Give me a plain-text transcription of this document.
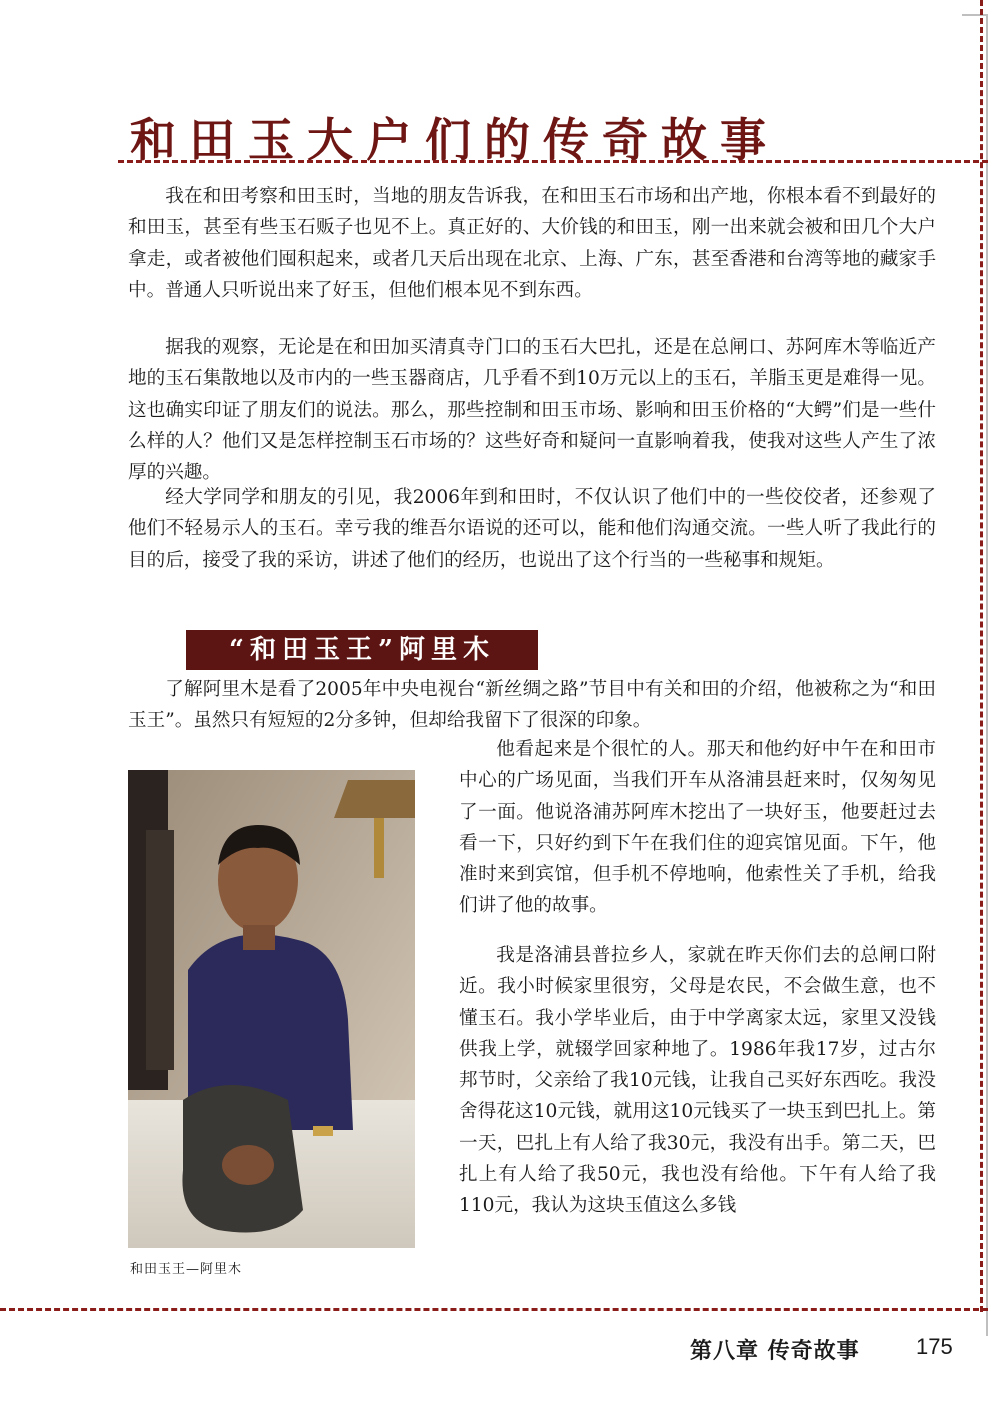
和田玉大户们的传奇故事

我在和田考察和田玉时，当地的朋友告诉我，在和田玉石市场和出产地，你根本看不到最好的和田玉，甚至有些玉石贩子也见不上。真正好的、大价钱的和田玉，刚一出来就会被和田几个大户拿走，或者被他们囤积起来，或者几天后出现在北京、上海、广东，甚至香港和台湾等地的藏家手中。普通人只听说出来了好玉，但他们根本见不到东西。

据我的观察，无论是在和田加买清真寺门口的玉石大巴扎，还是在总闸口、苏阿库木等临近产地的玉石集散地以及市内的一些玉器商店，几乎看不到10万元以上的玉石，羊脂玉更是难得一见。这也确实印证了朋友们的说法。那么，那些控制和田玉市场、影响和田玉价格的“大鳄”们是一些什么样的人？他们又是怎样控制玉石市场的？这些好奇和疑问一直影响着我，使我对这些人产生了浓厚的兴趣。

经大学同学和朋友的引见，我2006年到和田时，不仅认识了他们中的一些佼佼者，还参观了他们不轻易示人的玉石。幸亏我的维吾尔语说的还可以，能和他们沟通交流。一些人听了我此行的目的后，接受了我的采访，讲述了他们的经历，也说出了这个行当的一些秘事和规矩。

“和田玉王”阿里木

了解阿里木是看了2005年中央电视台“新丝绸之路”节目中有关和田的介绍，他被称之为“和田玉王”。虽然只有短短的2分多钟，但却给我留下了很深的印象。

他看起来是个很忙的人。那天和他约好中午在和田市中心的广场见面，当我们开车从洛浦县赶来时，仅匆匆见了一面。他说洛浦苏阿库木挖出了一块好玉，他要赶过去看一下，只好约到下午在我们住的迎宾馆见面。下午，他准时来到宾馆，但手机不停地响，他索性关了手机，给我们讲了他的故事。

我是洛浦县普拉乡人，家就在昨天你们去的总闸口附近。我小时候家里很穷，父母是农民，不会做生意，也不懂玉石。我小学毕业后，由于中学离家太远，家里又没钱供我上学，就辍学回家种地了。1986年我17岁，过古尔邦节时，父亲给了我10元钱，让我自己买好东西吃。我没舍得花这10元钱，就用这10元钱买了一块玉到巴扎上。第一天，巴扎上有人给了我30元，我没有出手。第二天，巴扎上有人给了我50元，我也没有给他。下午有人给了我110元，我认为这块玉值这么多钱

和田玉王—阿里木
第八章 传奇故事	175
